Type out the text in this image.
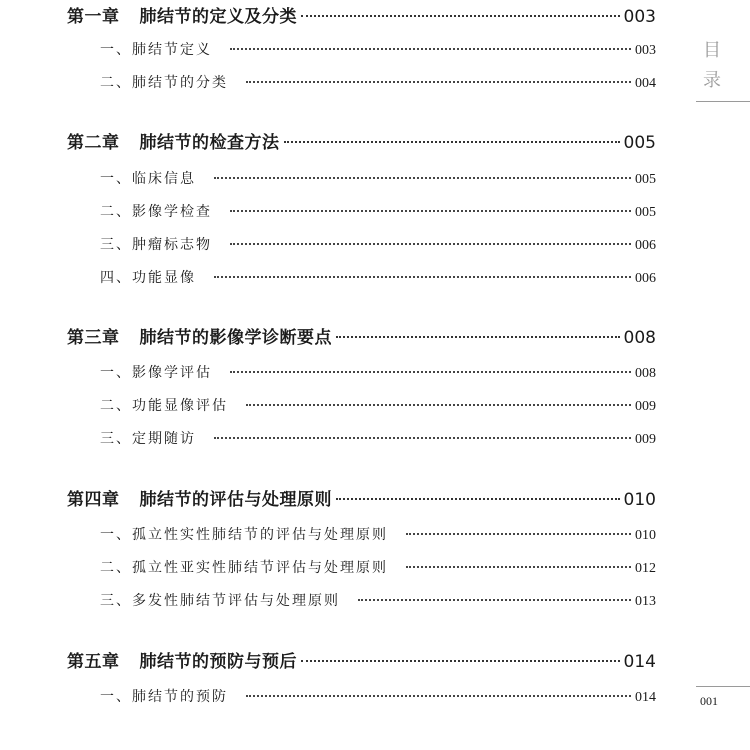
第一章 肺结节的定义及分类	003
一、肺结节定义	003
二、肺结节的分类	004
第二章 肺结节的检查方法	005
一、临床信息	005
二、影像学检查	005
三、肿瘤标志物	006
四、功能显像	006
第三章 肺结节的影像学诊断要点	008
一、影像学评估	008
二、功能显像评估	009
三、定期随访	009
第四章 肺结节的评估与处理原则	010
一、孤立性实性肺结节的评估与处理原则	010
二、孤立性亚实性肺结节评估与处理原则	012
三、多发性肺结节评估与处理原则	013
第五章 肺结节的预防与预后	014
一、肺结节的预防	014
目
录
001
